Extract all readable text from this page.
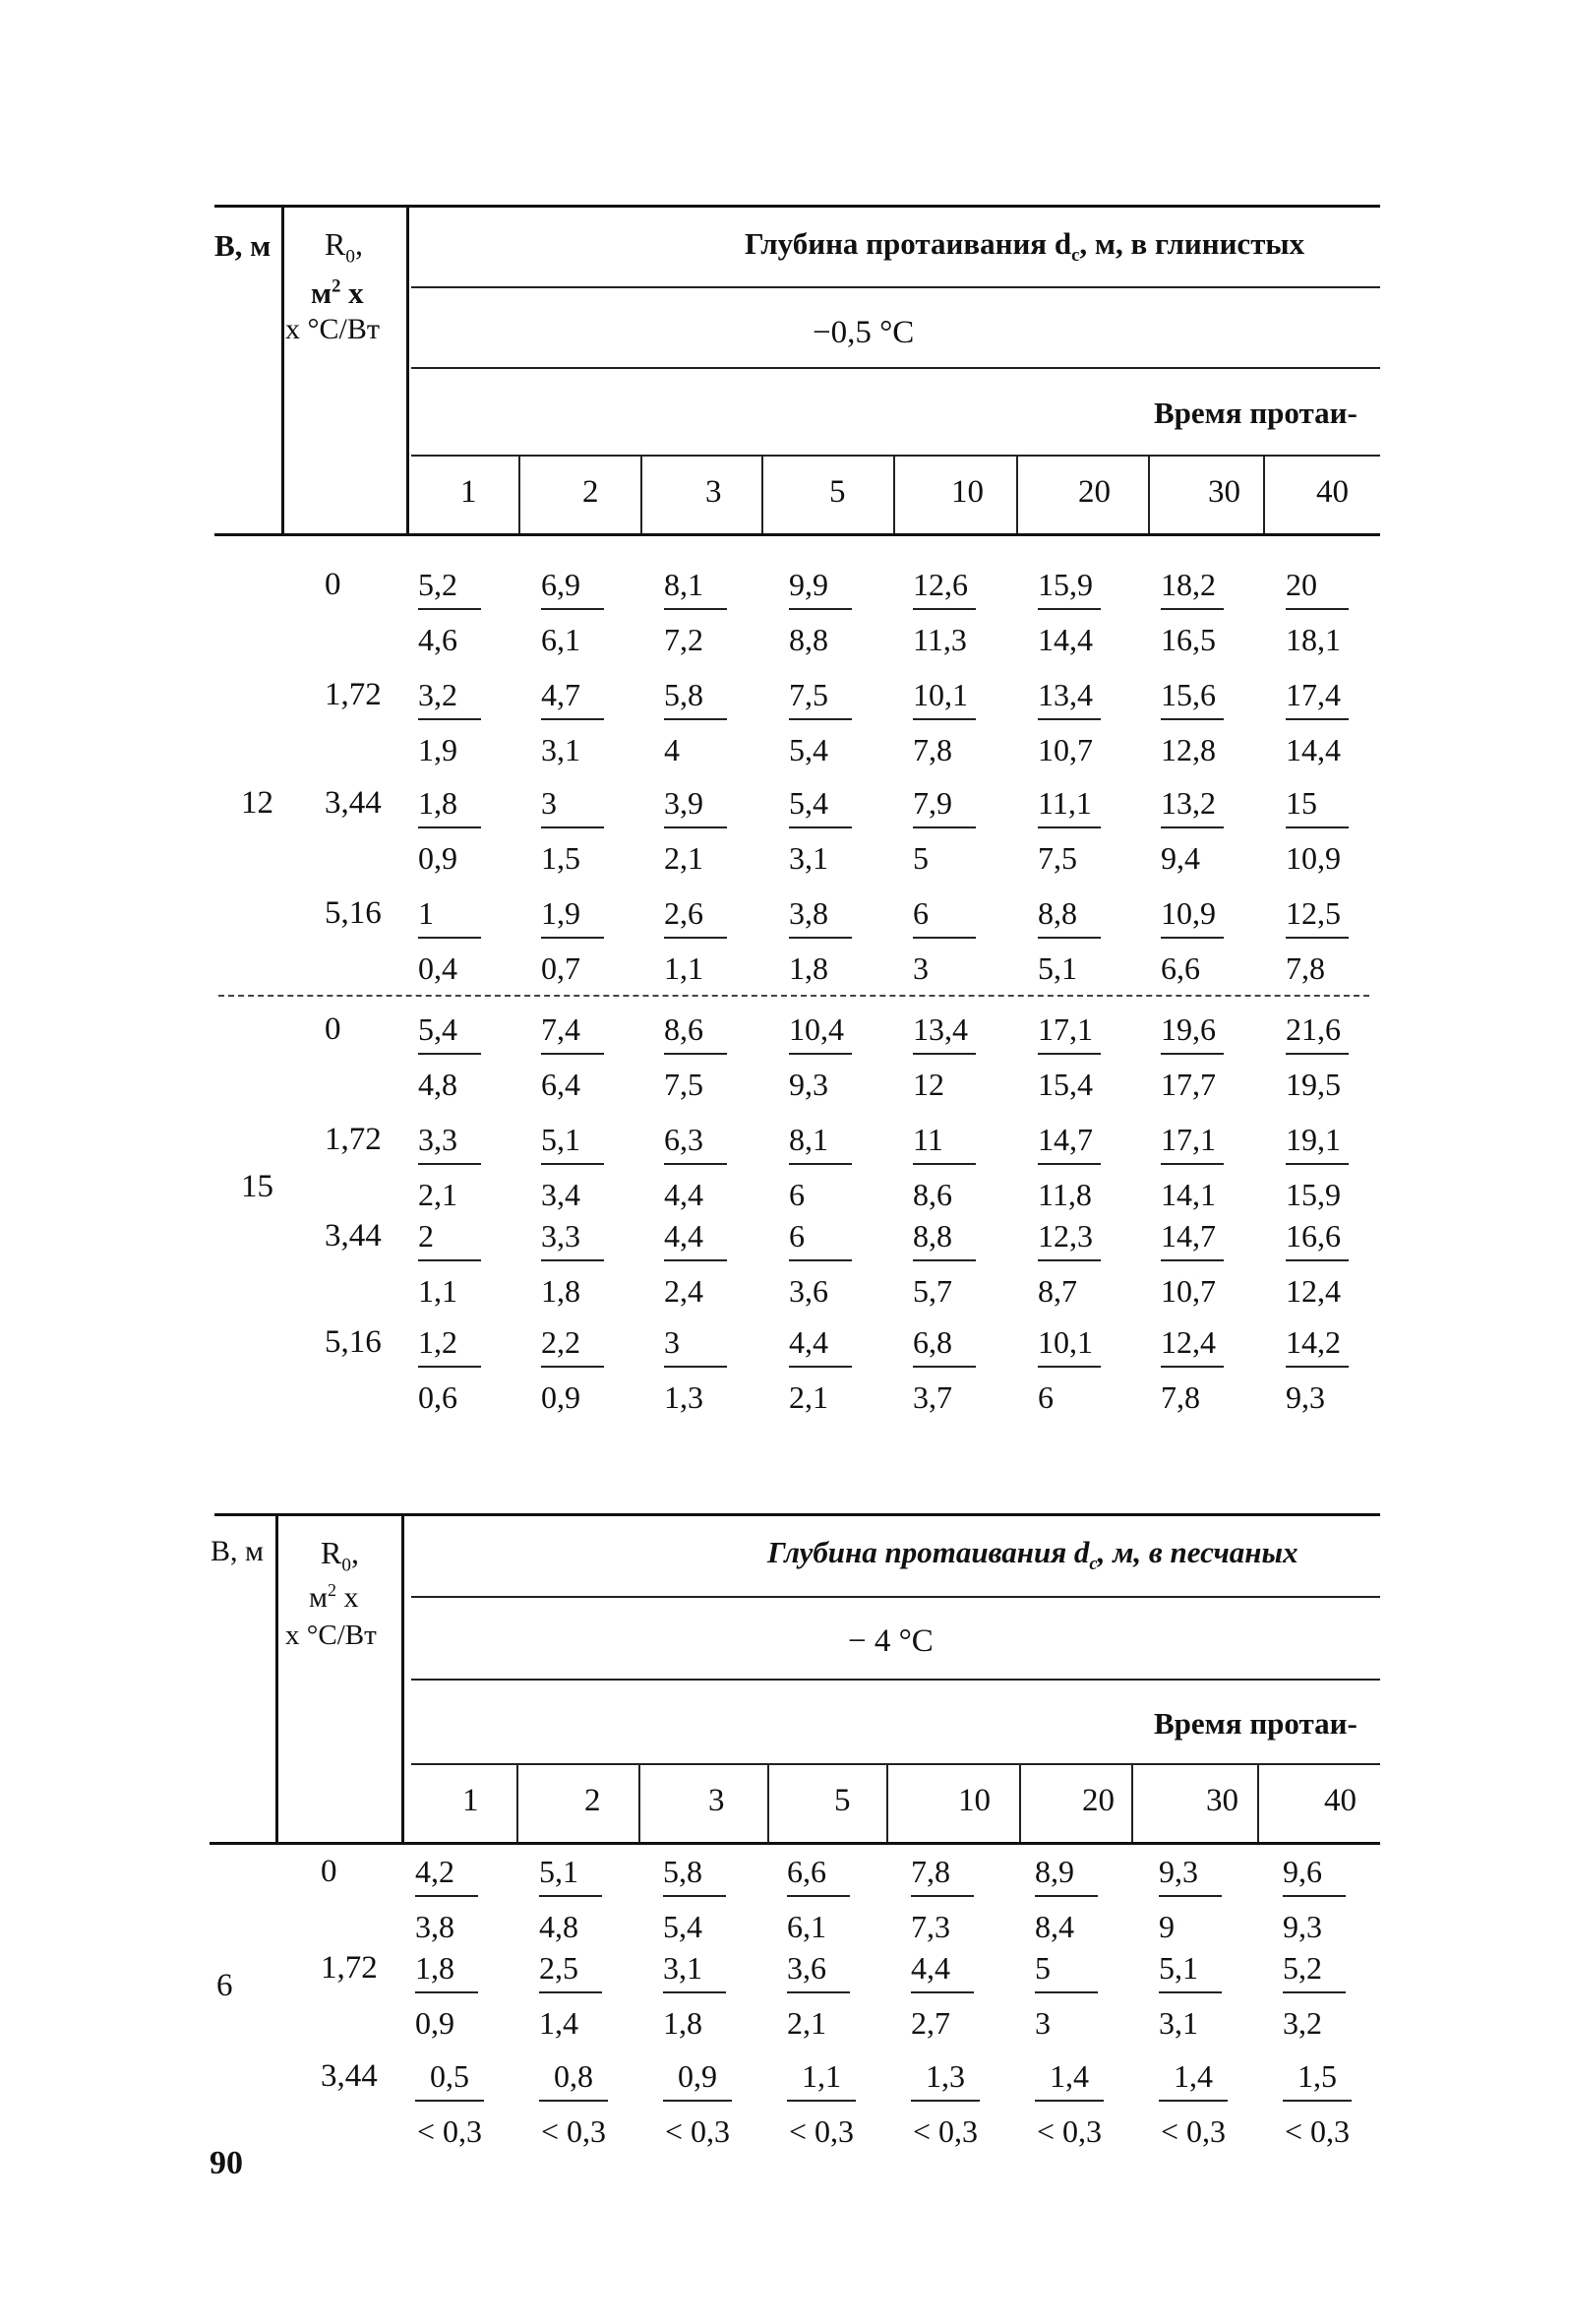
В, м $R_0$,
$м^2$ х
х °С/Вт
Глубина протаивания $d_с$, м, в глинистых
−0,5 °С
Время протаи-
1	2	3	5	10	20	30 40
12
$0 \frac{5,2}{4,6} \frac{6,9}{6,1} \frac{8,1}{7,2} \frac{9,9}{8,8} \frac{12,6}{11,3} \frac{15,9}{14,4} \frac{18,2}{16,5} \frac{20}{18,1}$
$1,72 \frac{3,2}{1,9} \frac{4,7}{3,1} \frac{5,8}{4} \frac{7,5}{5,4} \frac{10,1}{7,8} \frac{13,4}{10,7} \frac{15,6}{12,8} \frac{17,4}{14,4}$
$3,44 \frac{1,8}{0,9} \frac{3}{1,5} \frac{3,9}{2,1} \frac{5,4}{3,1} \frac{7,9}{5} \frac{11,1}{7,5} \frac{13,2}{9,4} \frac{15}{10,9}$
$5,16 \frac{1}{0,4} \frac{1,9}{0,7} \frac{2,6}{1,1} \frac{3,8}{1,8} \frac{6}{3} \frac{8,8}{5,1} \frac{10,9}{6,6} \frac{12,5}{7,8}$
15
$0 \frac{5,4}{4,8} \frac{7,4}{6,4} \frac{8,6}{7,5} \frac{10,4}{9,3} \frac{13,4}{12} \frac{17,1}{15,4} \frac{19,6}{17,7} \frac{21,6}{19,5}$
$1,72 \frac{3,3}{2,1} \frac{5,1}{3,4} \frac{6,3}{4,4} \frac{8,1}{6} \frac{11}{8,6} \frac{14,7}{11,8} \frac{17,1}{14,1} \frac{19,1}{15,9}$
$3,44 \frac{2}{1,1} \frac{3,3}{1,8} \frac{4,4}{2,4} \frac{6}{3,6} \frac{8,8}{5,7} \frac{12,3}{8,7} \frac{14,7}{10,7} \frac{16,6}{12,4}$
$5,16 \frac{1,2}{0,6} \frac{2,2}{0,9} \frac{3}{1,3} \frac{4,4}{2,1} \frac{6,8}{3,7} \frac{10,1}{6} \frac{12,4}{7,8} \frac{14,2}{9,3}$
В, м $R_0$,
$м^2$ х
х °С/Вт
Глубина протаивания $d_с$, м, в песчаных
− 4 °С
Время протаи-
1	2	3	5	10	20	30	40
6
$0 \frac{4,2}{3,8} \frac{5,1}{4,8} \frac{5,8}{5,4} \frac{6,6}{6,1} \frac{7,8}{7,3} \frac{8,9}{8,4} \frac{9,3}{9} \frac{9,6}{9,3}$
$1,72 \frac{1,8}{0,9} \frac{2,5}{1,4} \frac{3,1}{1,8} \frac{3,6}{2,1} \frac{4,4}{2,7} \frac{5}{3} \frac{5,1}{3,1} \frac{5,2}{3,2}$
$3,44 \frac{0,5}{< 0,3} \frac{0,8}{< 0,3} \frac{0,9}{< 0,3} \frac{1,1}{< 0,3} \frac{1,3}{< 0,3} \frac{1,4}{< 0,3} \frac{1,4}{< 0,3} \frac{1,5}{< 0,3}$
90
